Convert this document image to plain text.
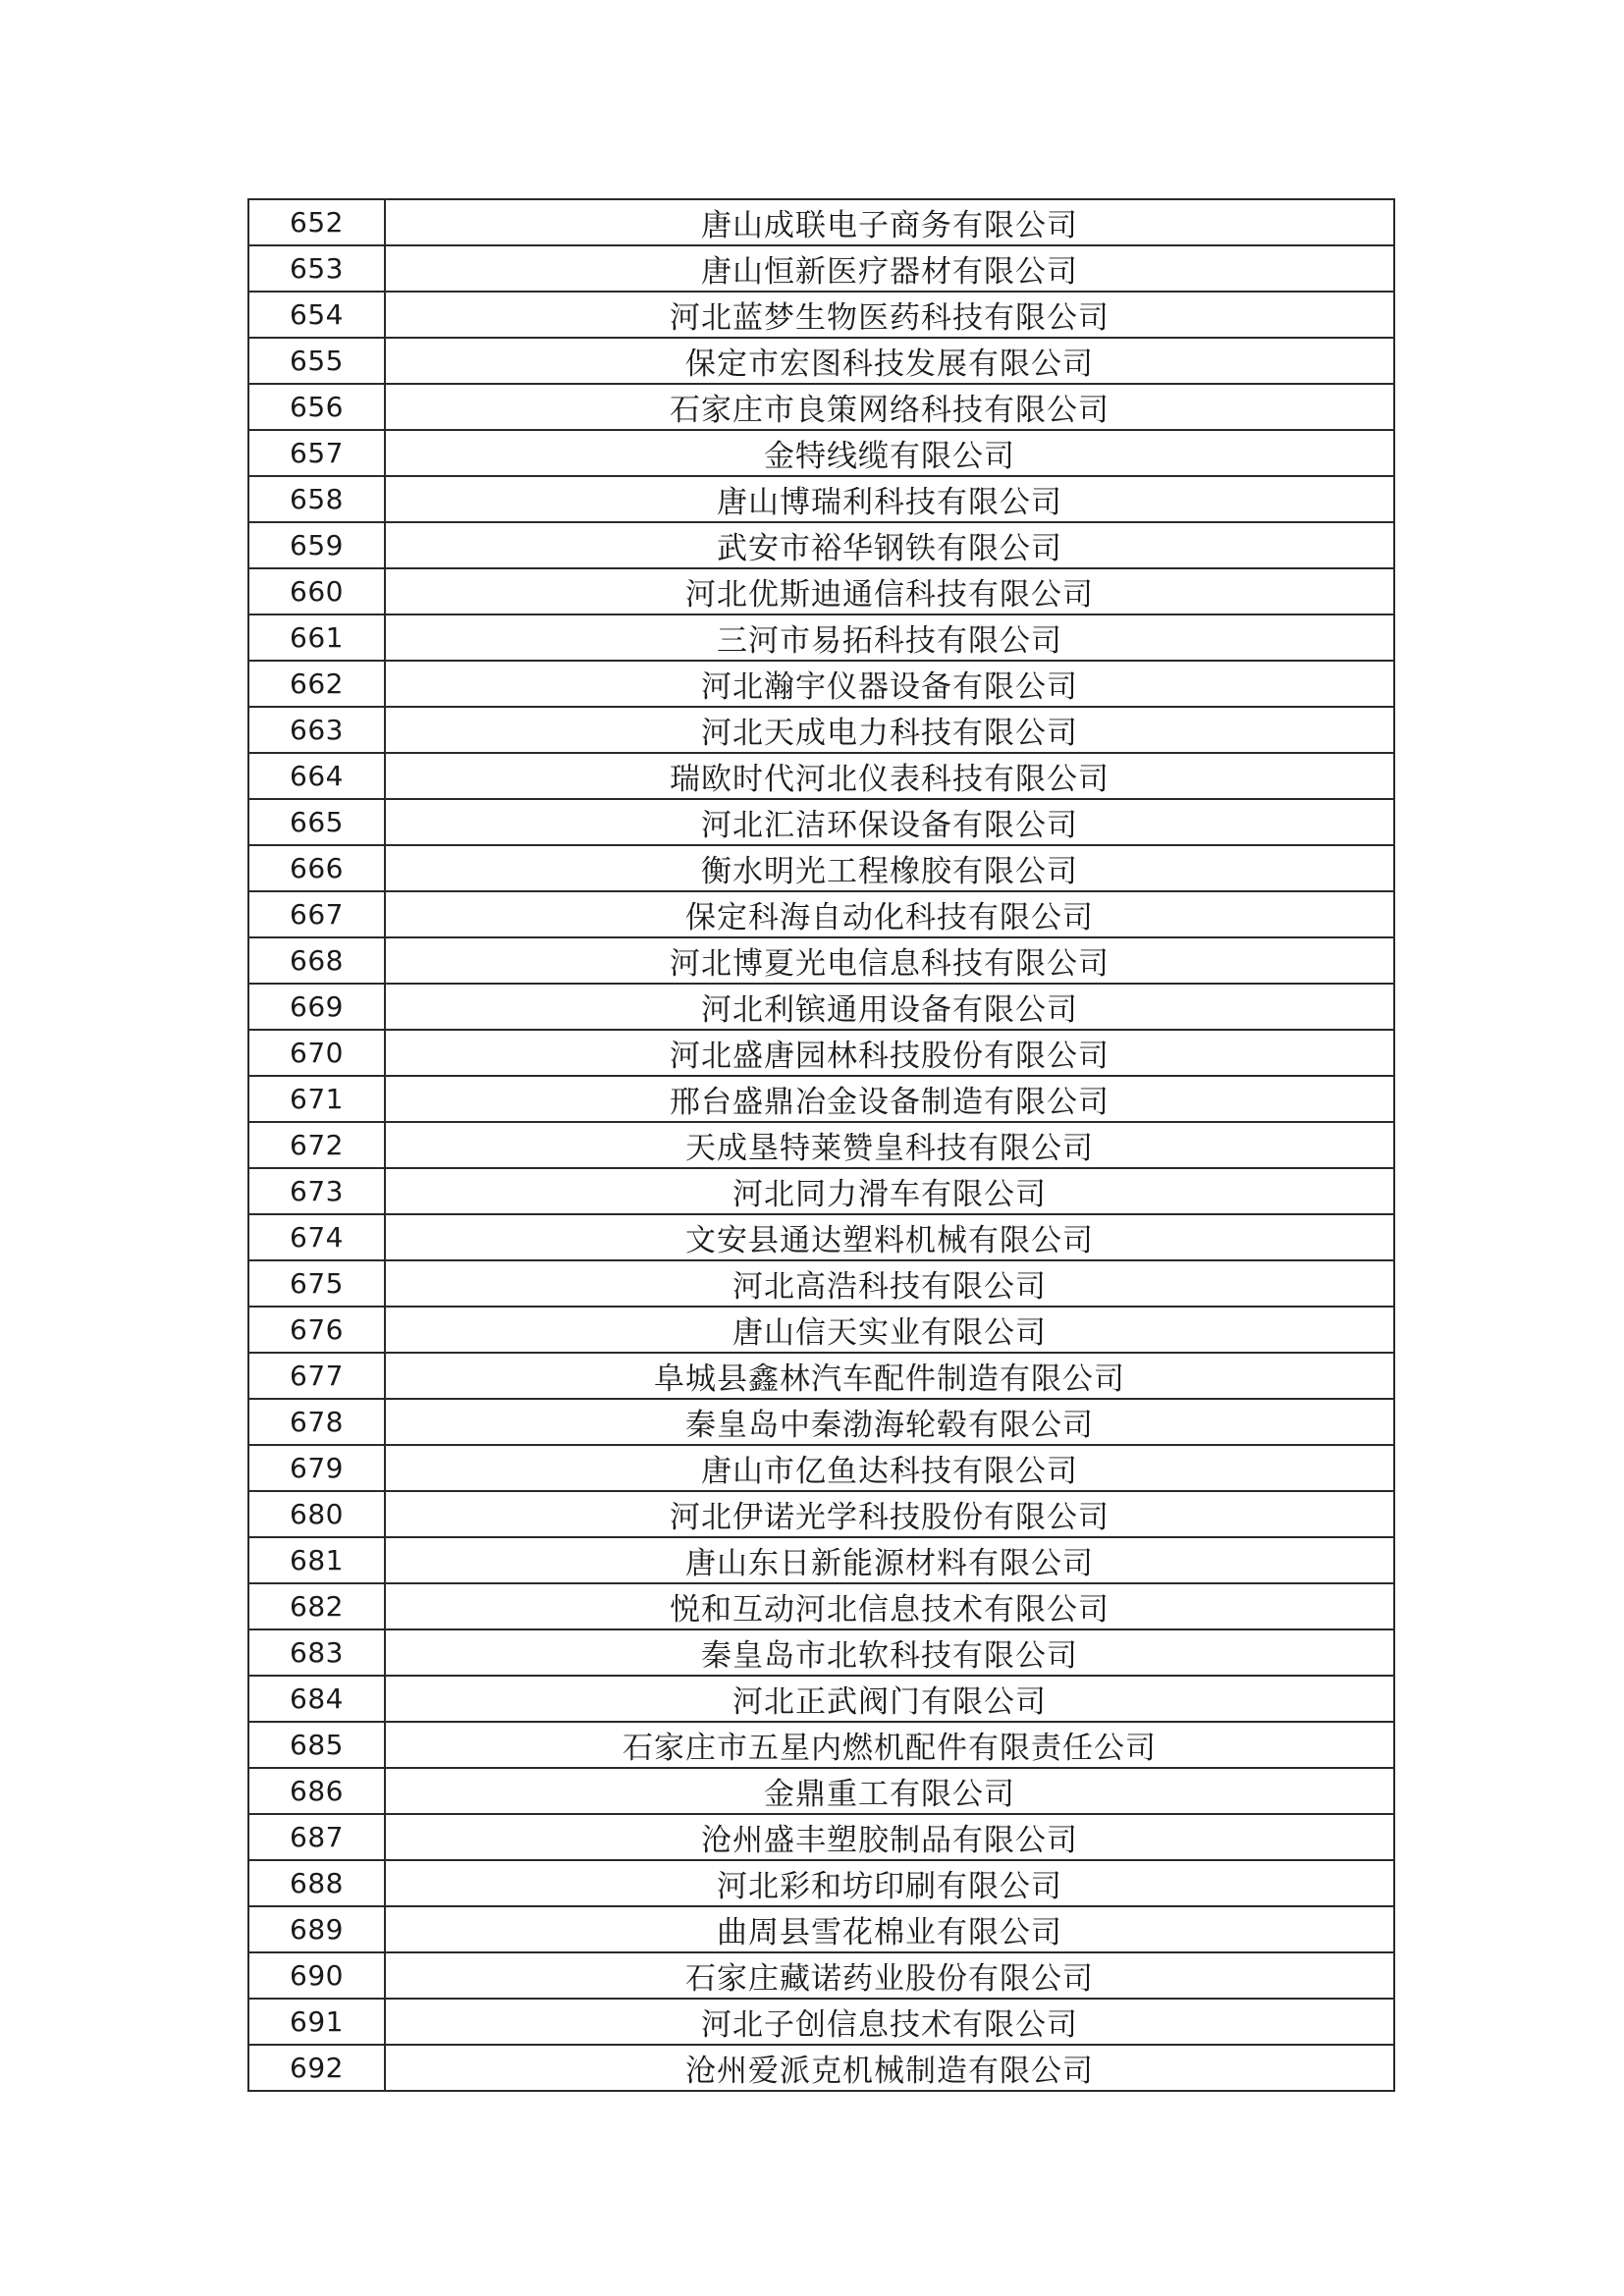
652	唐山成联电子商务有限公司
653	唐山恒新医疗器材有限公司
654	河北蓝梦生物医药科技有限公司
655	保定市宏图科技发展有限公司
656	石家庄市良策网络科技有限公司
657	金特线缆有限公司
658	唐山博瑞利科技有限公司
659	武安市裕华钢铁有限公司
660	河北优斯迪通信科技有限公司
661	三河市易拓科技有限公司
662	河北瀚宇仪器设备有限公司
663	河北天成电力科技有限公司
664	瑞欧时代河北仪表科技有限公司
665	河北汇洁环保设备有限公司
666	衡水明光工程橡胶有限公司
667	保定科海自动化科技有限公司
668	河北博夏光电信息科技有限公司
669	河北利镔通用设备有限公司
670	河北盛唐园林科技股份有限公司
671	邢台盛鼎冶金设备制造有限公司
672	天成垦特莱赞皇科技有限公司
673	河北同力滑车有限公司
674	文安县通达塑料机械有限公司
675	河北高浩科技有限公司
676	唐山信天实业有限公司
677	阜城县鑫林汽车配件制造有限公司
678	秦皇岛中秦渤海轮毂有限公司
679	唐山市亿鱼达科技有限公司
680	河北伊诺光学科技股份有限公司
681	唐山东日新能源材料有限公司
682	悦和互动河北信息技术有限公司
683	秦皇岛市北软科技有限公司
684	河北正武阀门有限公司
685	石家庄市五星内燃机配件有限责任公司
686	金鼎重工有限公司
687	沧州盛丰塑胶制品有限公司
688	河北彩和坊印刷有限公司
689	曲周县雪花棉业有限公司
690	石家庄藏诺药业股份有限公司
691	河北子创信息技术有限公司
692	沧州爱派克机械制造有限公司
